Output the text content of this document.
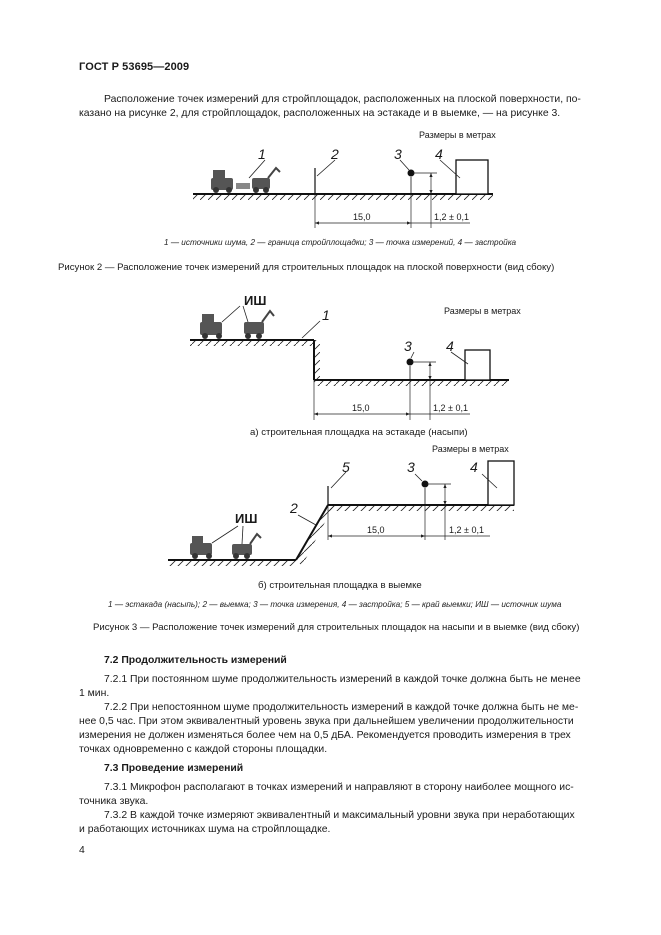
ГОСТ Р 53695—2009
Расположение точек измерений для стройплощадок, расположенных на плоской поверхности, по-
казано на рисунке 2, для стройплощадок, расположенных на эстакаде и в выемке, — на рисунке 3.
Размеры в метрах
1	2	3 4
15,0	1,2 ± 0,1
1 — источники шума, 2 — граница стройплощадки; 3 — точка измерений, 4 — застройка
Рисунок 2 — Расположение точек измерений для строительных площадок на плоской поверхности (вид сбоку)
ИШ
1
3 4
15,0	1,2 ± 0,1
Размеры в метрах
а) строительная площадка на эстакаде (насыпи)
ИШ
2
5	3	4
15,0	1,2 ± 0,1
Размеры в метрах
б) строительная площадка в выемке
1 — эстакада (насыпь); 2 — выемка; 3 — точка измерения, 4 — застройка; 5 — край выемки; ИШ — источник шума
Рисунок 3 — Расположение точек измерений для строительных площадок на насыпи и в выемке (вид сбоку)
7.2 Продолжительность измерений
7.2.1 При постоянном шуме продолжительность измерений в каждой точке должна быть не менее
1 мин.
7.2.2 При непостоянном шуме продолжительность измерений в каждой точке должна быть не ме-
нее 0,5 час. При этом эквивалентный уровень звука при дальнейшем увеличении продолжительности
измерения не должен изменяться более чем на 0,5 дБА. Рекомендуется проводить измерения в трех
точках одновременно с каждой стороны площадки.
7.3 Проведение измерений
7.3.1 Микрофон располагают в точках измерений и направляют в сторону наиболее мощного ис-
точника звука.
7.3.2 В каждой точке измеряют эквивалентный и максимальный уровни звука при неработающих
и работающих источниках шума на стройплощадке.
4
